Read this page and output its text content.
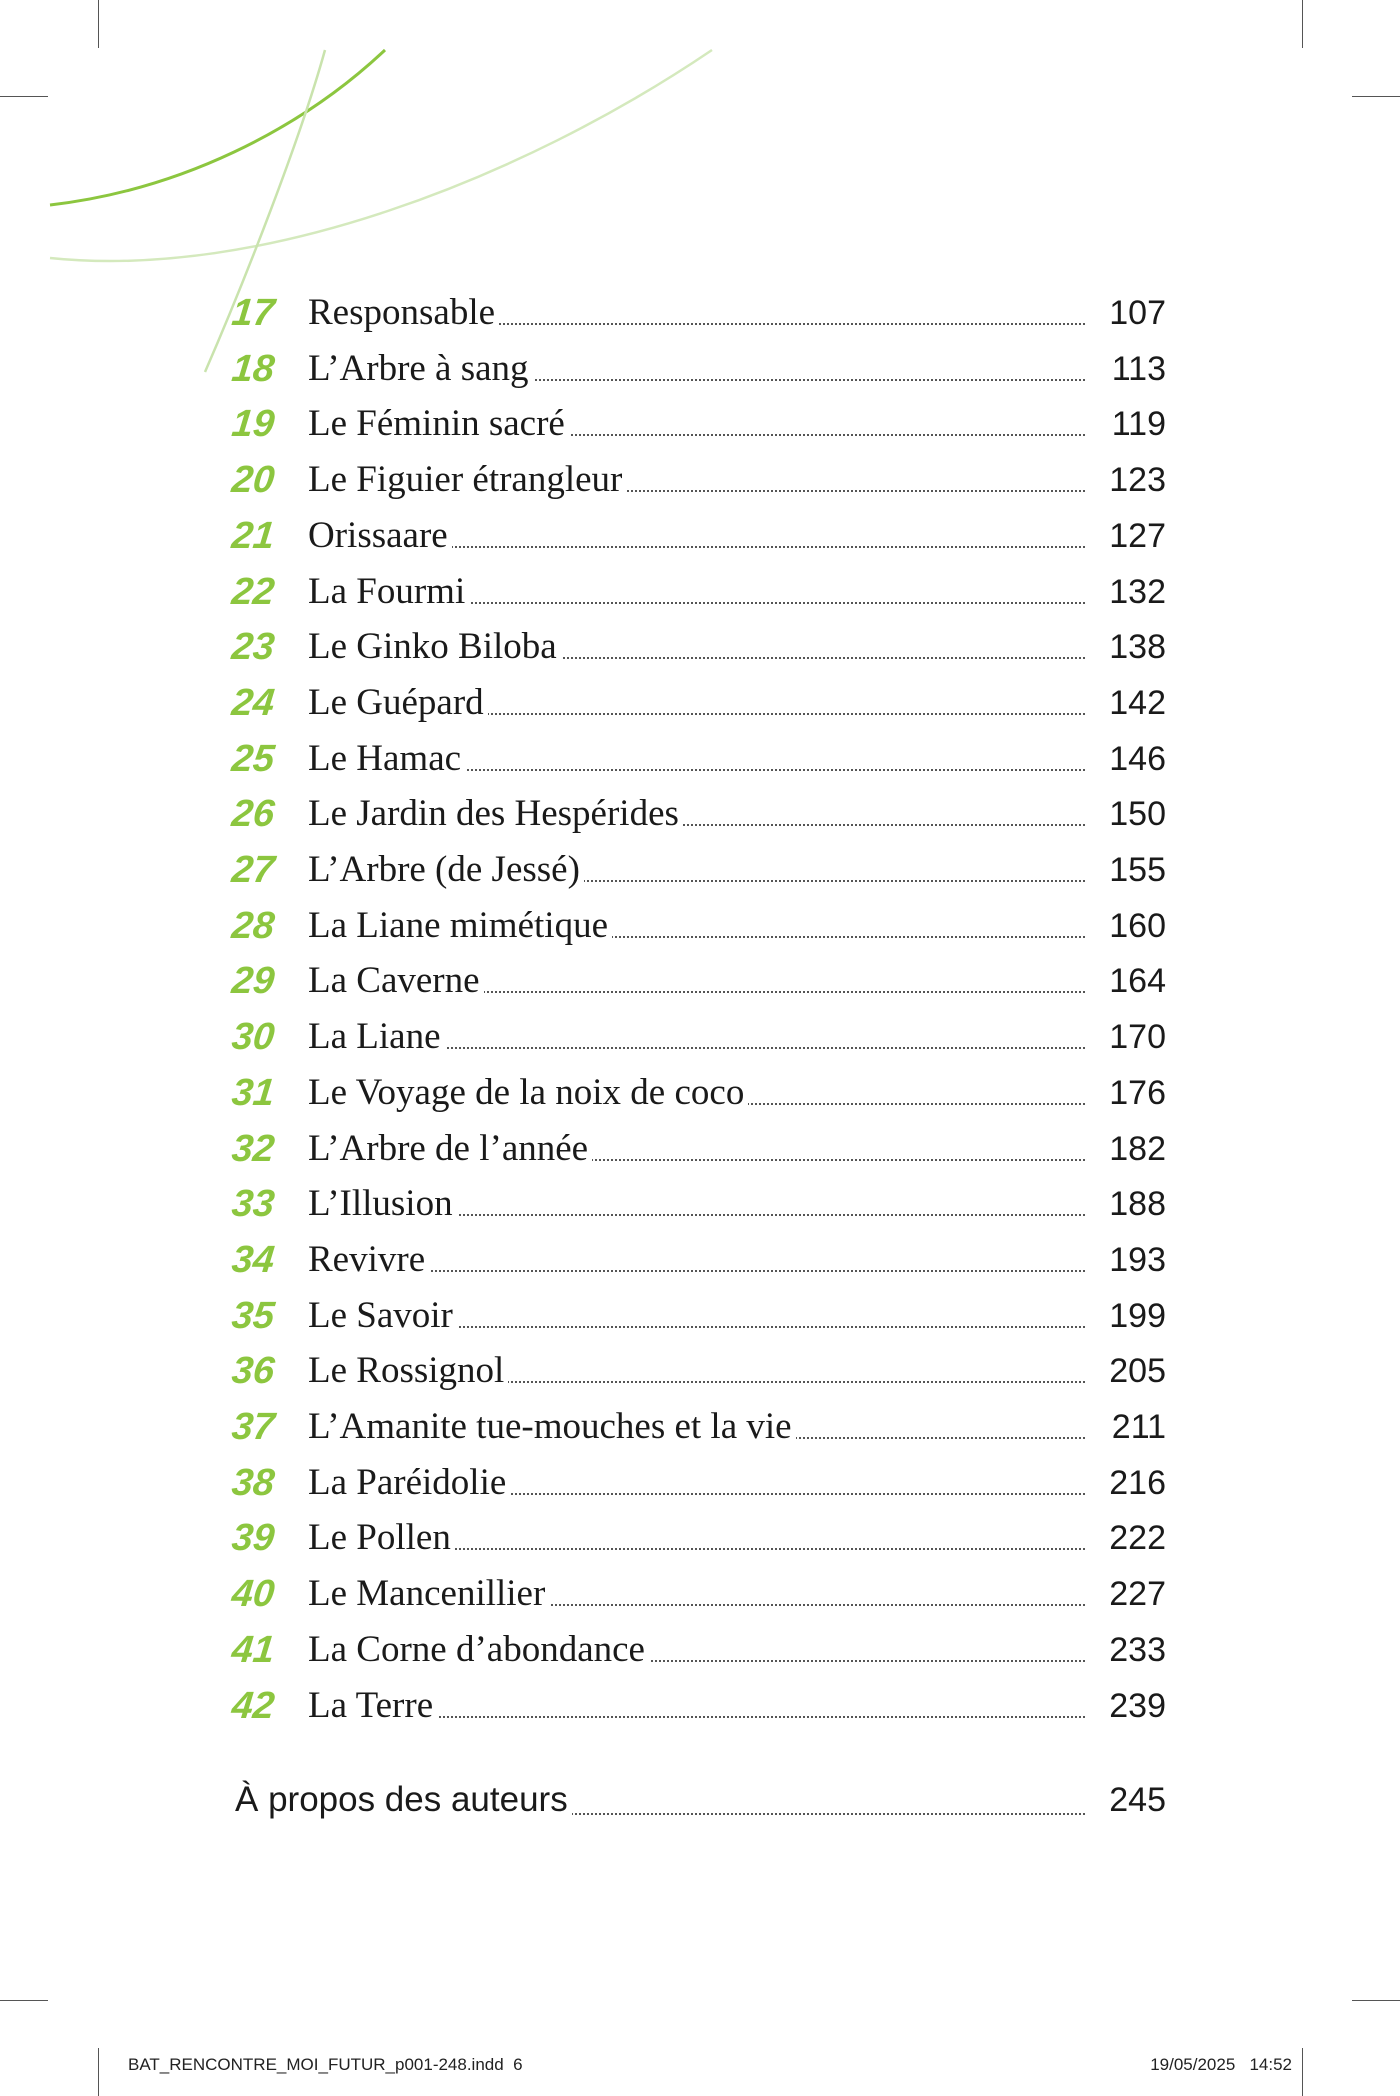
17 Responsable	107
18 L’Arbre à sang	113
19 Le Féminin sacré	119
20 Le Figuier étrangleur	123
21 Orissaare	127
22 La Fourmi	132
23 Le Ginko Biloba	138
24 Le Guépard	142
25 Le Hamac	146
26 Le Jardin des Hespérides	150
27 L’Arbre (de Jessé)	155
28 La Liane mimétique	160
29 La Caverne	164
30 La Liane	170
31 Le Voyage de la noix de coco	176
32 L’Arbre de l’année	182
33 L’Illusion	188
34 Revivre	193
35 Le Savoir	199
36 Le Rossignol	205
37 L’Amanite tue-mouches et la vie	211
38 La Paréidolie	216
39 Le Pollen	222
40 Le Mancenillier	227
41 La Corne d’abondance	233
42 La Terre	239
À propos des auteurs	245
BAT_RENCONTRE_MOI_FUTUR_p001-248.indd 6	19/05/2025 14:52
